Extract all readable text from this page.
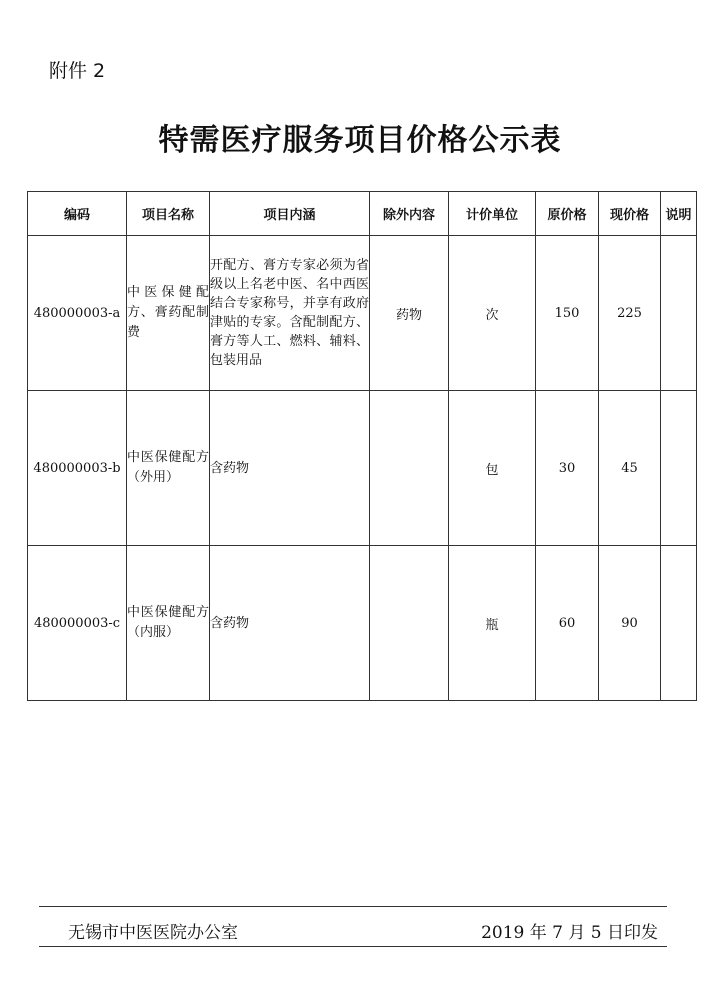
附件 2
特需医疗服务项目价格公示表
编码	项目名称	项目内涵	除外内容	计价单位	原价格	现价格	说明
480000003-a	中医保健配方、膏药配制费	开配方、膏方专家必须为省级以上名老中医、名中西医结合专家称号，并享有政府津贴的专家。含配制配方、膏方等人工、燃料、辅料、包装用品	药物	次	150	225	
480000003-b	中医保健配方（外用）	含药物		包	30	45	
480000003-c	中医保健配方（内服）	含药物		瓶	60	90	
无锡市中医医院办公室	2019 年 7 月 5 日印发
